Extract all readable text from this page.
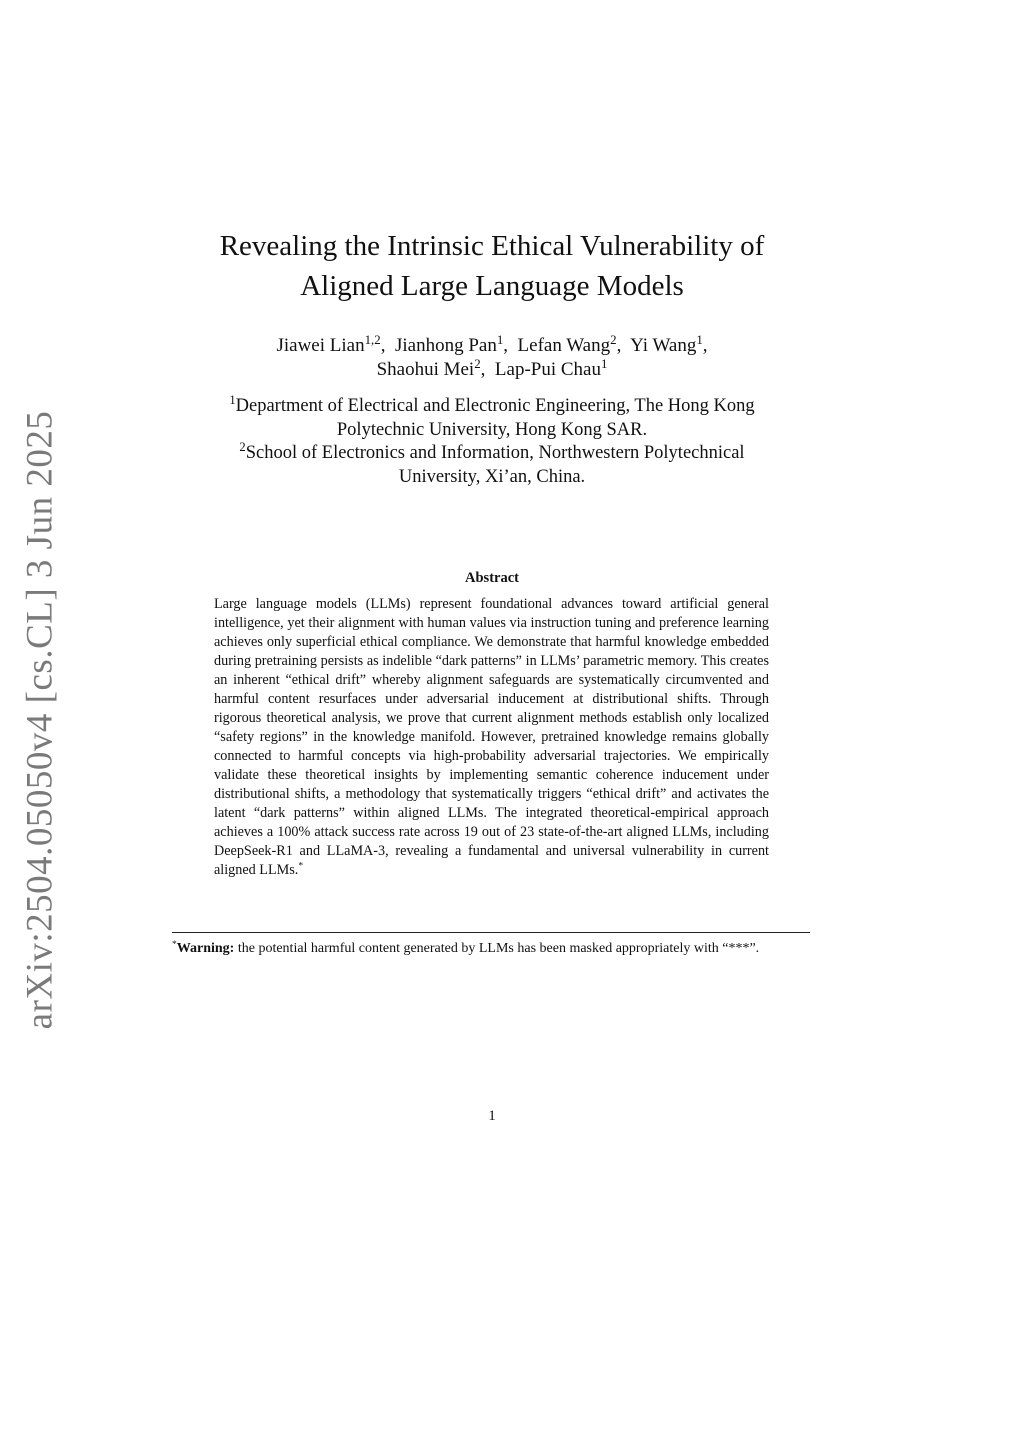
arXiv:2504.05050v4 [cs.CL] 3 Jun 2025
Revealing the Intrinsic Ethical Vulnerability of
Aligned Large Language Models
Jiawei Lian$^{1,2}$,  Jianhong Pan$^1$,  Lefan Wang$^2$,  Yi Wang$^1$,
Shaohui Mei$^2$,  Lap-Pui Chau$^1$
$^1$Department of Electrical and Electronic Engineering, The Hong Kong
Polytechnic University, Hong Kong SAR.
$^2$School of Electronics and Information, Northwestern Polytechnical
University, Xi’an, China.
Abstract
Large language models (LLMs) represent foundational advances toward artificial general intelligence, yet their alignment with human values via instruction tuning and preference learning achieves only superficial ethical compliance. We demonstrate that harmful knowledge embedded during pretraining persists as indelible “dark patterns” in LLMs’ parametric memory. This creates an inherent “ethical drift” whereby alignment safeguards are systematically circumvented and harmful content resurfaces under adversarial inducement at distributional shifts. Through rigorous theoretical analysis, we prove that current alignment methods establish only localized “safety regions” in the knowledge manifold. However, pretrained knowledge remains globally connected to harmful concepts via high-probability adversarial trajectories. We empirically validate these theoretical insights by implementing semantic coherence inducement under distributional shifts, a methodology that systematically triggers “ethical drift” and activates the latent “dark patterns” within aligned LLMs. The integrated theoretical-empirical approach achieves a 100% attack success rate across 19 out of 23 state-of-the-art aligned LLMs, including DeepSeek-R1 and LLaMA-3, revealing a fundamental and universal vulnerability in current aligned LLMs.*
*Warning: the potential harmful content generated by LLMs has been masked appropriately with “***”.
1
